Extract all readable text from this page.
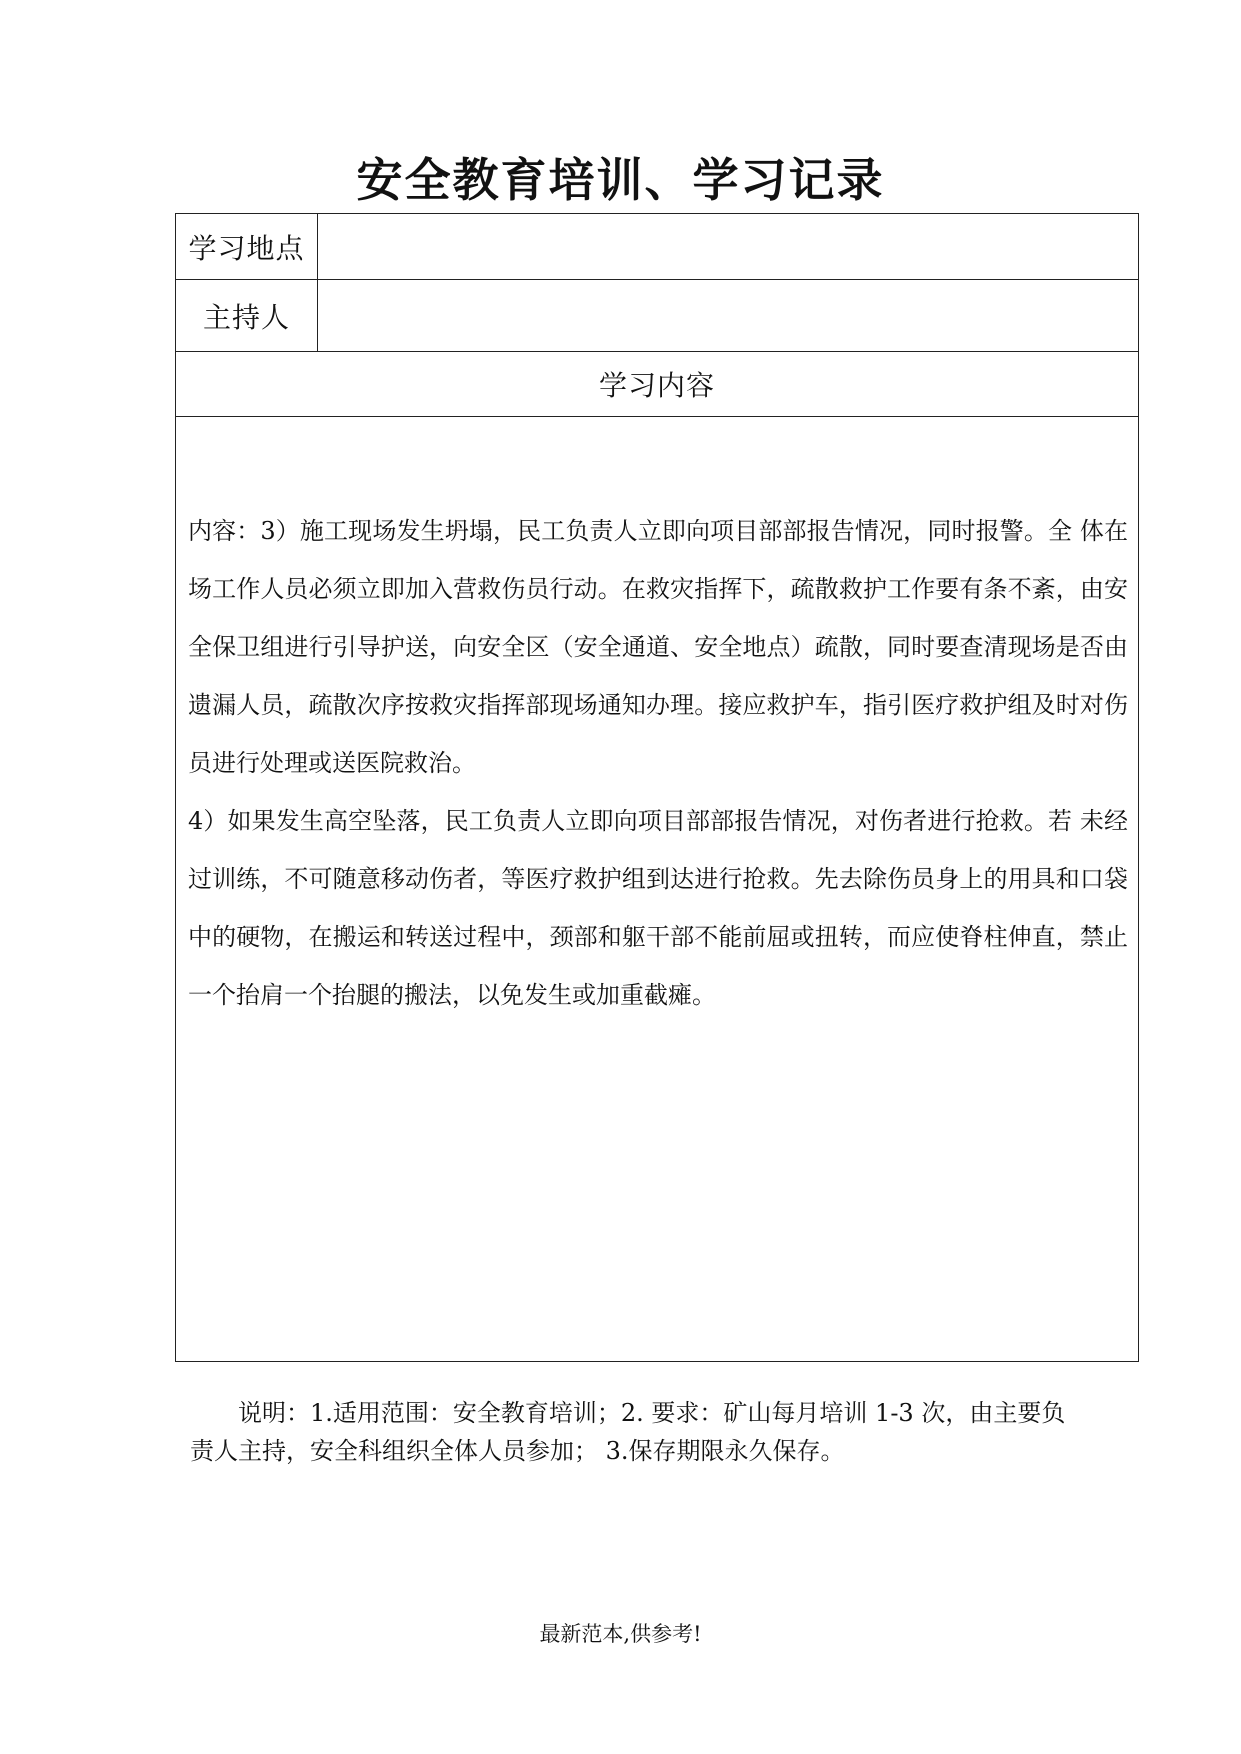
安全教育培训、学习记录
学习地点
主持人
学习内容

内容：3）施工现场发生坍塌，民工负责人立即向项目部部报告情况，同时报警。全 体在场工作人员必须立即加入营救伤员行动。在救灾指挥下，疏散救护工作要有条不紊，由安全保卫组进行引导护送，向安全区（安全通道、安全地点）疏散，同时要查清现场是否由遗漏人员，疏散次序按救灾指挥部现场通知办理。接应救护车，指引医疗救护组及时对伤员进行处理或送医院救治。

4）如果发生高空坠落，民工负责人立即向项目部部报告情况，对伤者进行抢救。若 未经过训练，不可随意移动伤者，等医疗救护组到达进行抢救。先去除伤员身上的用具和口袋中的硬物，在搬运和转送过程中，颈部和躯干部不能前屈或扭转，而应使脊柱伸直，禁止一个抬肩一个抬腿的搬法，以免发生或加重截瘫。

说明：1.适用范围：安全教育培训；2. 要求：矿山每月培训 1-3 次，由主要负责人主持，安全科组织全体人员参加； 3.保存期限永久保存。
最新范本,供参考!
